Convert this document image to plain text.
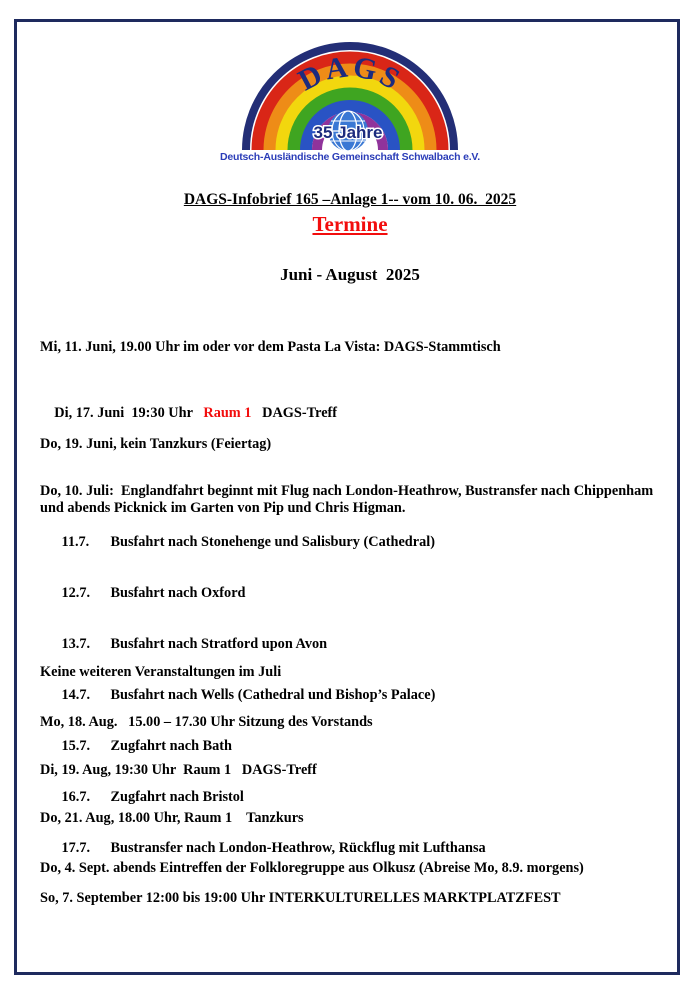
DAGS
35 Jahre
Deutsch-Ausländische Gemeinschaft Schwalbach e.V.
DAGS-Infobrief 165 –Anlage 1-- vom 10. 06.  2025
Termine
Juni - August  2025
Mi, 11. Juni, 19.00 Uhr im oder vor dem Pasta La Vista: DAGS-Stammtisch

Di, 17. Juni  19:30 Uhr   Raum 1   DAGS-Treff

Do, 19. Juni, kein Tanzkurs (Feiertag)
Do, 10. Juli:  Englandfahrt beginnt mit Flug nach London-Heathrow, Bustransfer nach Chippenham und abends Picknick im Garten von Pip und Chris Higman.

11.7. Busfahrt nach Stonehenge und Salisbury (Cathedral)

12.7. Busfahrt nach Oxford

13.7. Busfahrt nach Stratford upon Avon

14.7. Busfahrt nach Wells (Cathedral und Bishop’s Palace)

15.7. Zugfahrt nach Bath

16.7. Zugfahrt nach Bristol

17.7. Bustransfer nach London-Heathrow, Rückflug mit Lufthansa

Keine weiteren Veranstaltungen im Juli
Mo, 18. Aug.   15.00 – 17.30 Uhr Sitzung des Vorstands
Di, 19. Aug, 19:30 Uhr  Raum 1   DAGS-Treff
Do, 21. Aug, 18.00 Uhr, Raum 1    Tanzkurs
Do, 4. Sept. abends Eintreffen der Folkloregruppe aus Olkusz (Abreise Mo, 8.9. morgens)
So, 7. September 12:00 bis 19:00 Uhr INTERKULTURELLES MARKTPLATZFEST
